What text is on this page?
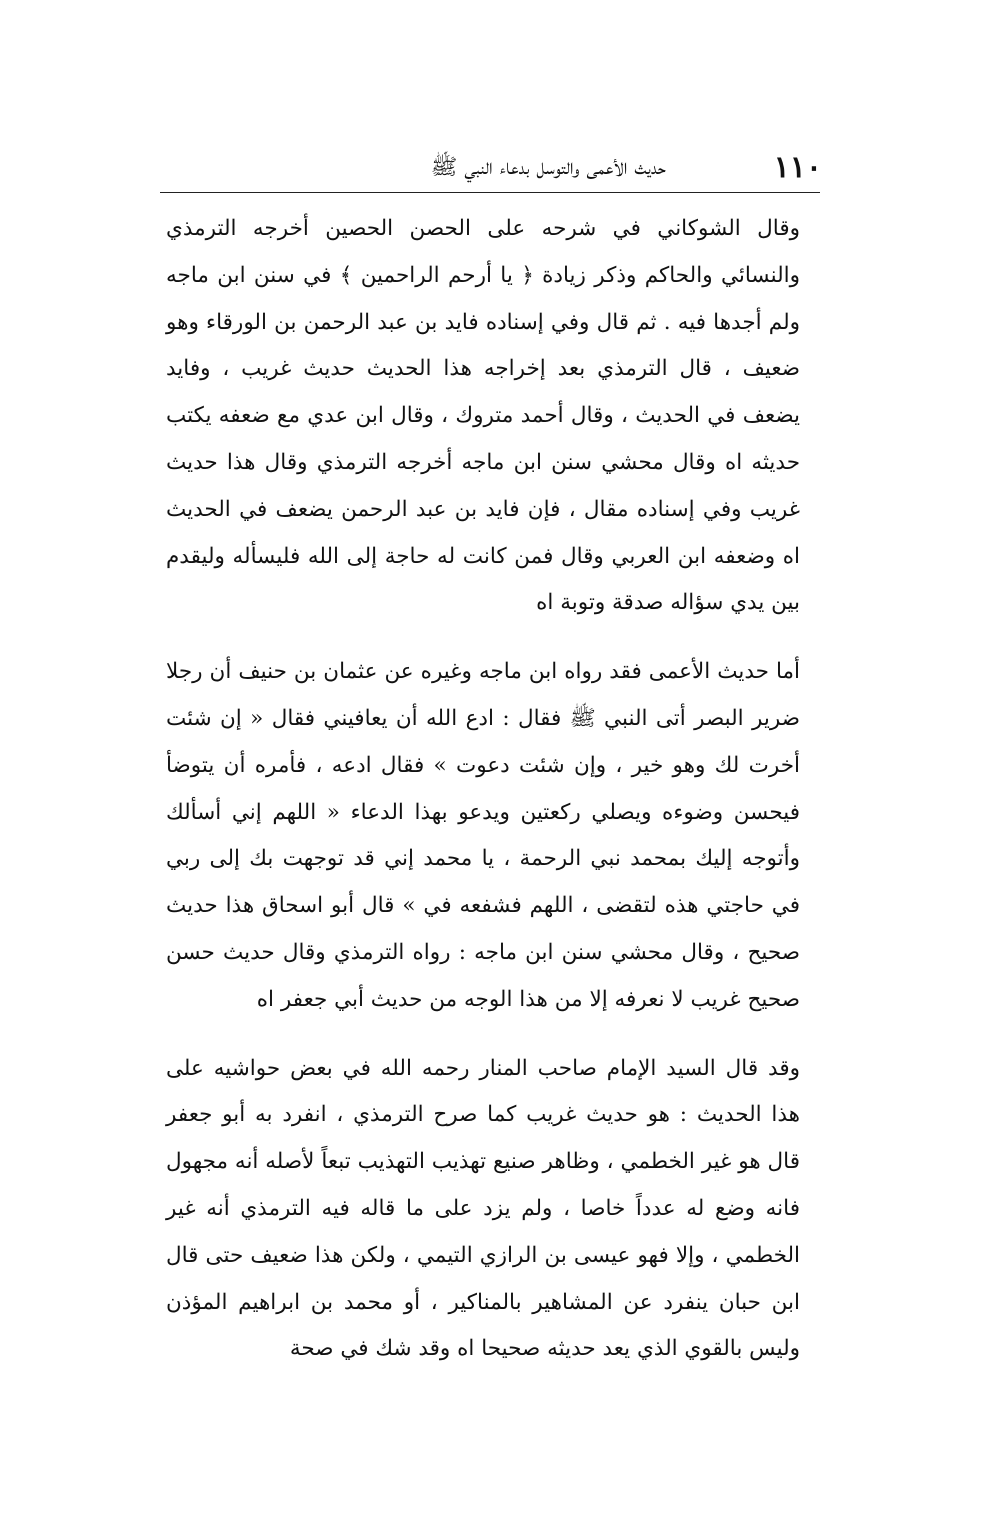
١١٠
حديث الأعمى والتوسل بدعاء النبي ﷺ

وقال الشوكاني في شرحه على الحصن الحصين أخرجه الترمذي والنسائي والحاكم وذكر زيادة ﴿ يا أرحم الراحمين ﴾ في سنن ابن ماجه ولم أجدها فيه . ثم قال وفي إسناده فايد بن عبد الرحمن بن الورقاء وهو ضعيف ، قال الترمذي بعد إخراجه هذا الحديث حديث غريب ، وفايد يضعف في الحديث ، وقال أحمد متروك ، وقال ابن عدي مع ضعفه يكتب حديثه اه وقال محشي سنن ابن ماجه أخرجه الترمذي وقال هذا حديث غريب وفي إسناده مقال ، فإن فايد بن عبد الرحمن يضعف في الحديث اه وضعفه ابن العربي وقال فمن كانت له حاجة إلى الله فليسأله وليقدم بين يدي سؤاله صدقة وتوبة اه

أما حديث الأعمى فقد رواه ابن ماجه وغيره عن عثمان بن حنيف أن رجلا ضرير البصر أتى النبي ﷺ فقال : ادع الله أن يعافيني فقال « إن شئت أخرت لك وهو خير ، وإن شئت دعوت » فقال ادعه ، فأمره أن يتوضأ فيحسن وضوءه ويصلي ركعتين ويدعو بهذا الدعاء « اللهم إني أسألك وأتوجه إليك بمحمد نبي الرحمة ، يا محمد إني قد توجهت بك إلى ربي في حاجتي هذه لتقضى ، اللهم فشفعه في » قال أبو اسحاق هذا حديث صحيح ، وقال محشي سنن ابن ماجه : رواه الترمذي وقال حديث حسن صحيح غريب لا نعرفه إلا من هذا الوجه من حديث أبي جعفر اه

وقد قال السيد الإمام صاحب المنار رحمه الله في بعض حواشيه على هذا الحديث : هو حديث غريب كما صرح الترمذي ، انفرد به أبو جعفر قال هو غير الخطمي ، وظاهر صنيع تهذيب التهذيب تبعاً لأصله أنه مجهول فانه وضع له عدداً خاصا ، ولم يزد على ما قاله فيه الترمذي أنه غير الخطمي ، وإلا فهو عيسى بن الرازي التيمي ، ولكن هذا ضعيف حتى قال ابن حبان ينفرد عن المشاهير بالمناكير ، أو محمد بن ابراهيم المؤذن وليس بالقوي الذي يعد حديثه صحيحا اه وقد شك في صحة
